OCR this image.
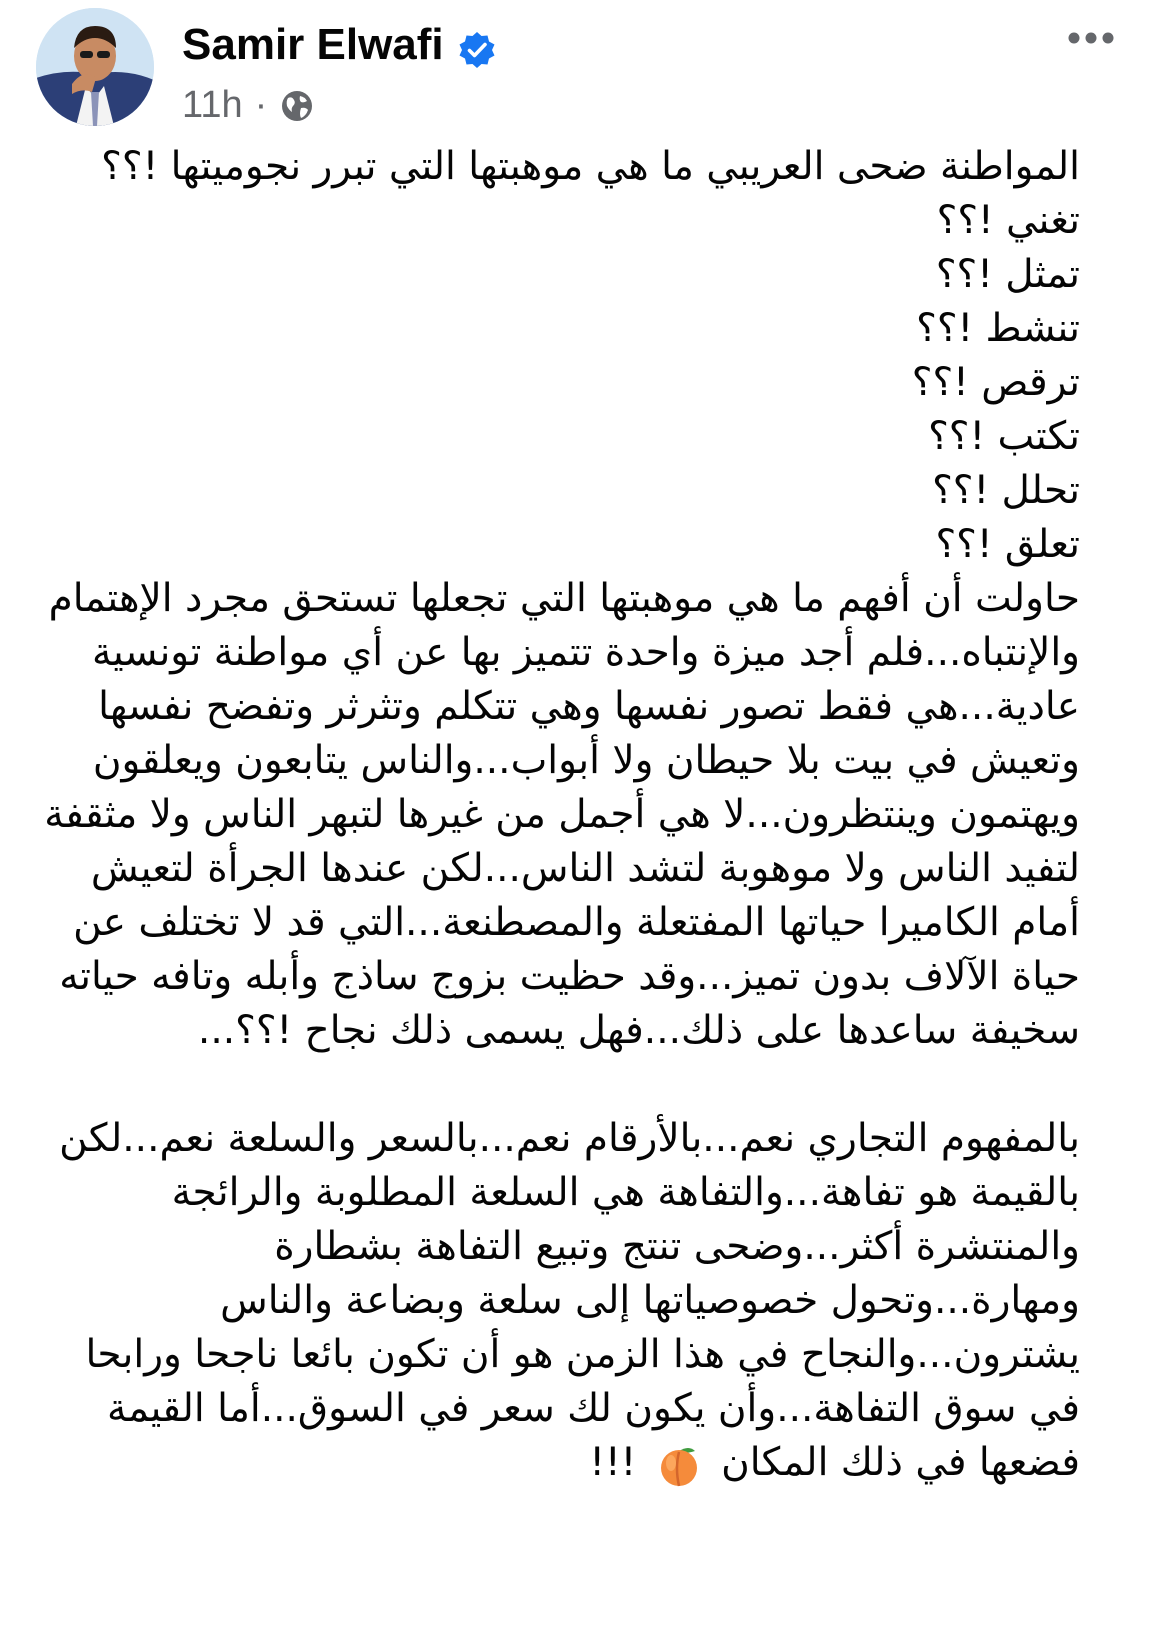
Samir Elwafi
11h ·

المواطنة ضحى العريبي ما هي موهبتها التي تبرر نجوميتها !؟؟

تغني !؟؟

تمثل !؟؟

تنشط !؟؟

ترقص !؟؟

تكتب !؟؟

تحلل !؟؟

تعلق !؟؟

حاولت أن أفهم ما هي موهبتها التي تجعلها تستحق مجرد الإهتمام والإنتباه...فلم أجد ميزة واحدة تتميز بها عن أي مواطنة تونسية عادية...هي فقط تصور نفسها وهي تتكلم وتثرثر وتفضح نفسها وتعيش في بيت بلا حيطان ولا أبواب...والناس يتابعون ويعلقون ويهتمون وينتظرون...لا هي أجمل من غيرها لتبهر الناس ولا مثقفة لتفيد الناس ولا موهوبة لتشد الناس...لكن عندها الجرأة لتعيش أمام الكاميرا حياتها المفتعلة والمصطنعة...التي قد لا تختلف عن حياة الآلاف بدون تميز...وقد حظيت بزوج ساذج وأبله وتافه حياته سخيفة ساعدها على ذلك...فهل يسمى ذلك نجاح !؟؟...

بالمفهوم التجاري نعم...بالأرقام نعم...بالسعر والسلعة نعم...لكن بالقيمة هو تفاهة...والتفاهة هي السلعة المطلوبة والرائجة والمنتشرة أكثر...وضحى تنتج وتبيع التفاهة بشطارة ومهارة...وتحول خصوصياتها إلى سلعة وبضاعة والناس يشترون...والنجاح في هذا الزمن هو أن تكون بائعا ناجحا ورابحا في سوق التفاهة...وأن يكون لك سعر في السوق...أما القيمة فضعها في ذلك المكان  !!!
